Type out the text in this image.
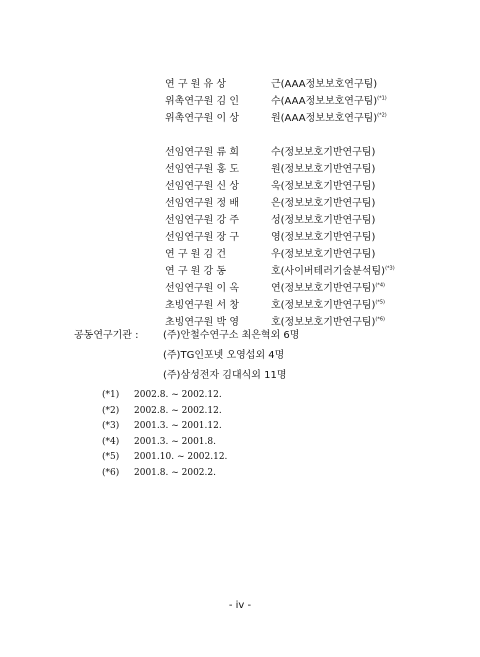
연 구 원 유 상	근(AAA정보보호연구팀)
위촉연구원 김 인	수(AAA정보보호연구팀)$^{(*1)}$
위촉연구원 이 상	원(AAA정보보호연구팀)$^{(*2)}$
선임연구원 류 희	수(정보보호기반연구팀)
선임연구원 홍 도	원(정보보호기반연구팀)
선임연구원 신 상	욱(정보보호기반연구팀)
선임연구원 정 배	은(정보보호기반연구팀)
선임연구원 강 주	성(정보보호기반연구팀)
선임연구원 장 구	영(정보보호기반연구팀)
연 구 원 김 건	우(정보보호기반연구팀)
연 구 원 강 동	호(사이버테러기술분석팀)$^{(*3)}$
선임연구원 이 옥	연(정보보호기반연구팀)$^{(*4)}$
초빙연구원 서 창	호(정보보호기반연구팀)$^{(*5)}$
초빙연구원 박 영	호(정보보호기반연구팀)$^{(*6)}$
공동연구기관 : (주)안철수연구소 최은혁외 6명
(주)TG인포넷 오영섭외 4명
(주)삼성전자 김대식외 11명
(*1) 2002.8. ~ 2002.12.
(*2) 2002.8. ~ 2002.12.
(*3) 2001.3. ~ 2001.12.
(*4) 2001.3. ~ 2001.8.
(*5) 2001.10. ~ 2002.12.
(*6) 2001.8. ~ 2002.2.
- iv -
